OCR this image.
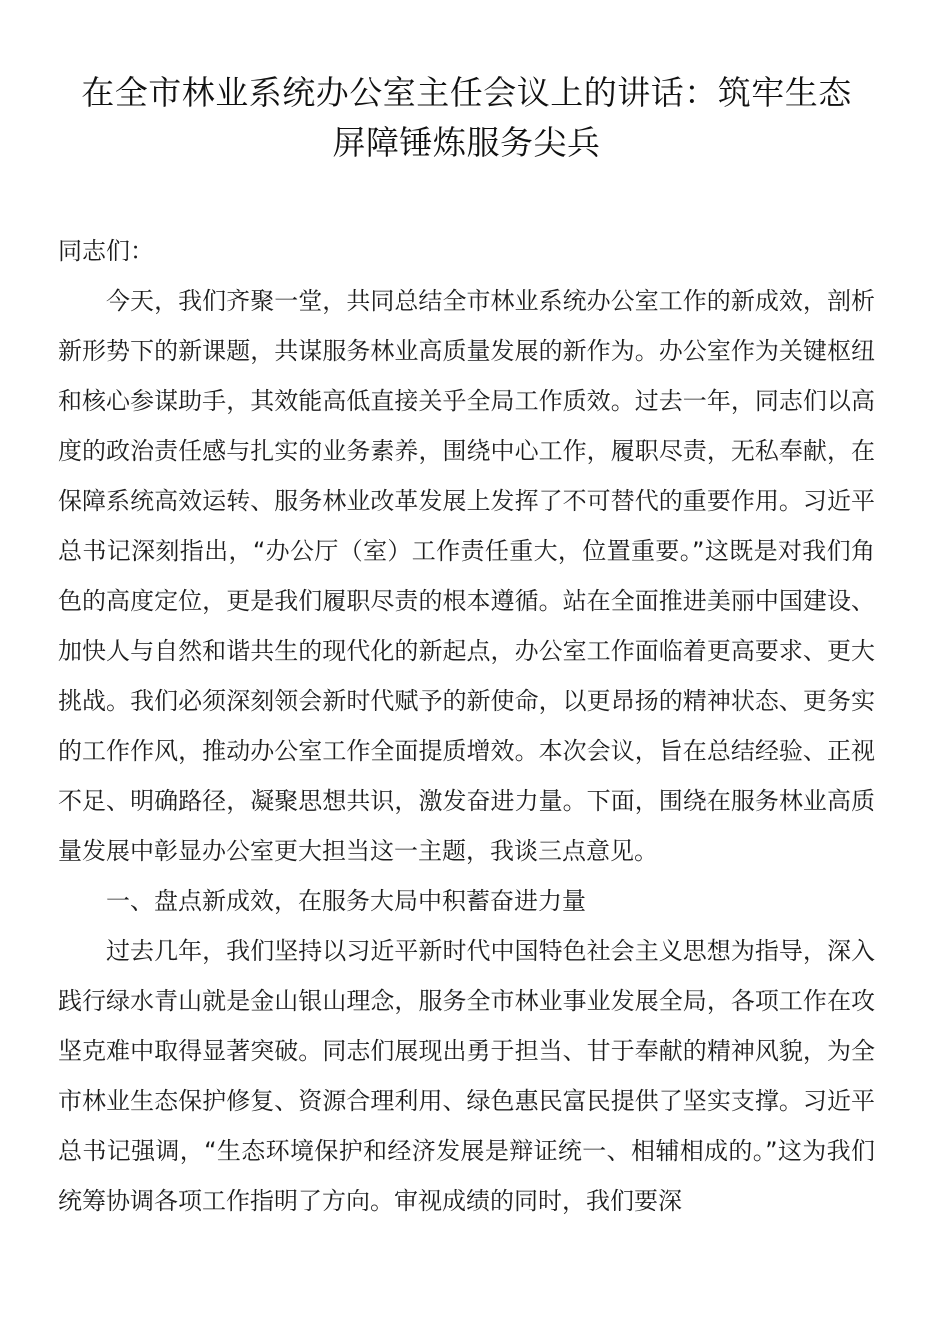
在全市林业系统办公室主任会议上的讲话：筑牢生态
屏障锤炼服务尖兵

同志们：

今天，我们齐聚一堂，共同总结全市林业系统办公室工作的新成效，剖析新形势下的新课题，共谋服务林业高质量发展的新作为。办公室作为关键枢纽和核心参谋助手，其效能高低直接关乎全局工作质效。过去一年，同志们以高度的政治责任感与扎实的业务素养，围绕中心工作，履职尽责，无私奉献，在保障系统高效运转、服务林业改革发展上发挥了不可替代的重要作用。习近平总书记深刻指出，“办公厅（室）工作责任重大，位置重要。”这既是对我们角色的高度定位，更是我们履职尽责的根本遵循。站在全面推进美丽中国建设、加快人与自然和谐共生的现代化的新起点，办公室工作面临着更高要求、更大挑战。我们必须深刻领会新时代赋予的新使命，以更昂扬的精神状态、更务实的工作作风，推动办公室工作全面提质增效。本次会议，旨在总结经验、正视不足、明确路径，凝聚思想共识，激发奋进力量。下面，围绕在服务林业高质量发展中彰显办公室更大担当这一主题，我谈三点意见。

一、盘点新成效，在服务大局中积蓄奋进力量

过去几年，我们坚持以习近平新时代中国特色社会主义思想为指导，深入践行绿水青山就是金山银山理念，服务全市林业事业发展全局，各项工作在攻坚克难中取得显著突破。同志们展现出勇于担当、甘于奉献的精神风貌，为全市林业生态保护修复、资源合理利用、绿色惠民富民提供了坚实支撑。习近平总书记强调，“生态环境保护和经济发展是辩证统一、相辅相成的。”这为我们统筹协调各项工作指明了方向。审视成绩的同时，我们要深
